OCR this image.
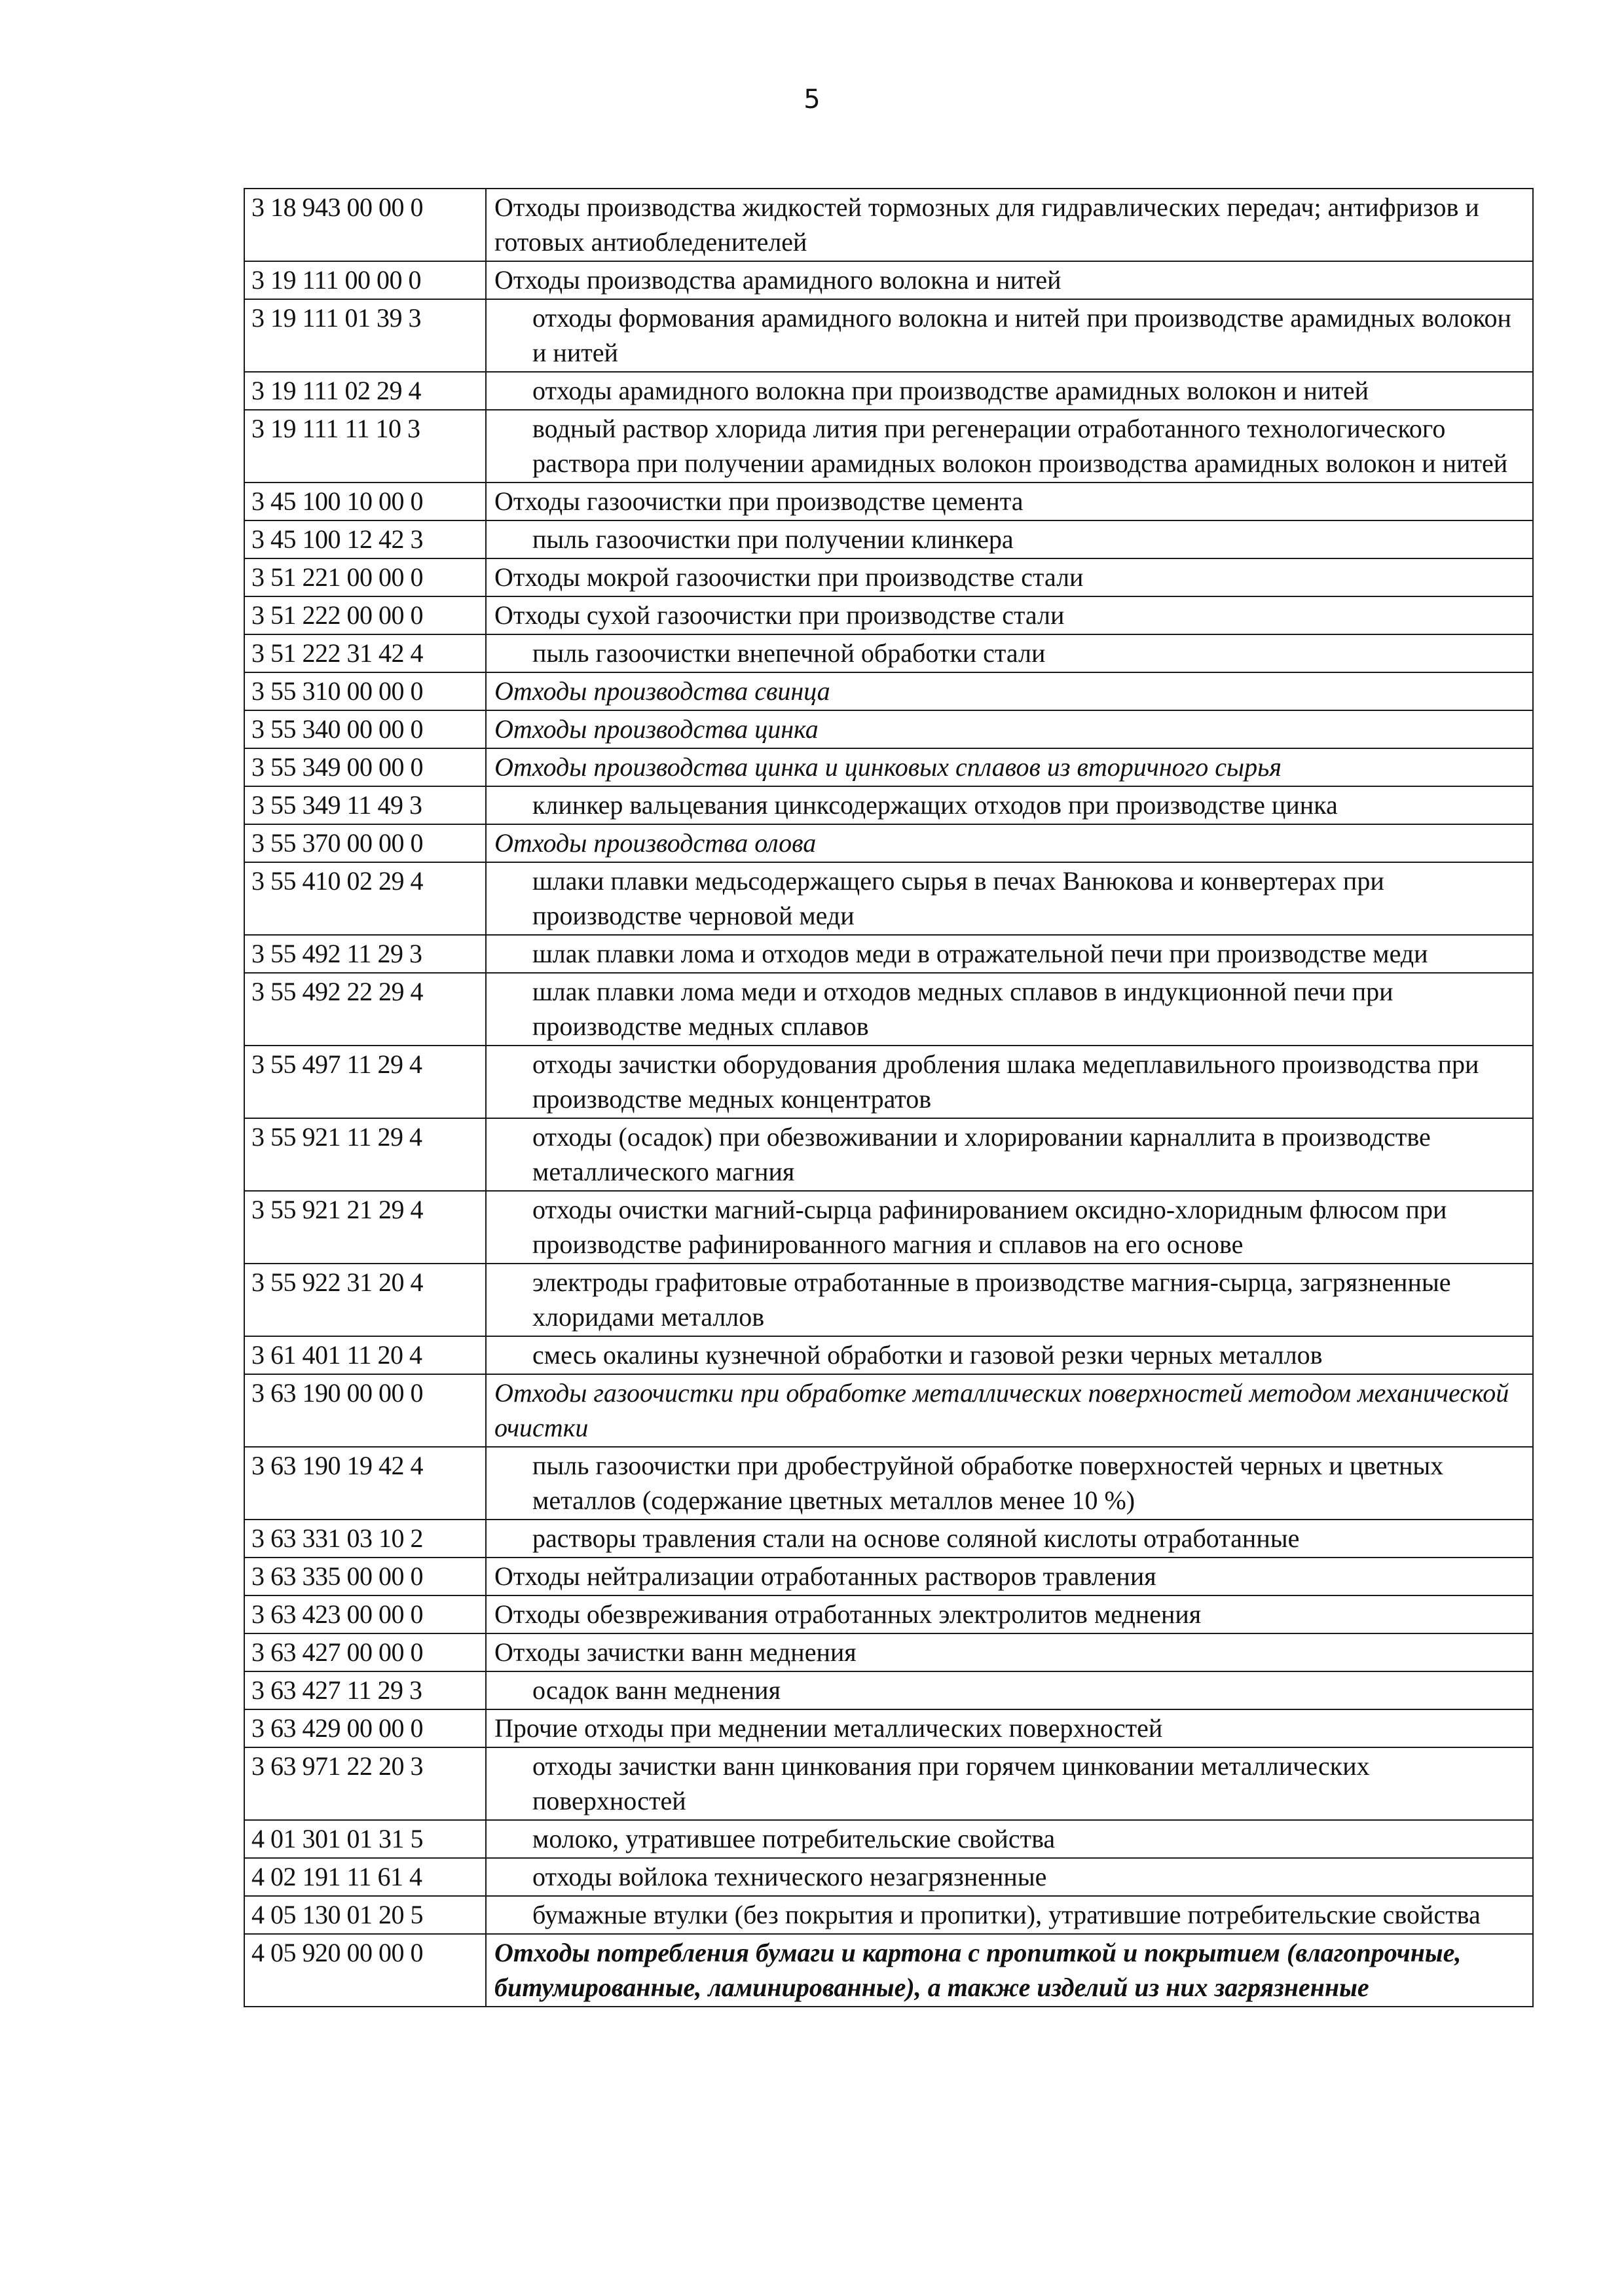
5
3 18 943 00 00 0	Отходы производства жидкостей тормозных для гидравлических передач; антифризов и готовых антиобледенителей
3 19 111 00 00 0	Отходы производства арамидного волокна и нитей
3 19 111 01 39 3	отходы формования арамидного волокна и нитей при производстве арамидных волокон и нитей
3 19 111 02 29 4	отходы арамидного волокна при производстве арамидных волокон и нитей
3 19 111 11 10 3	водный раствор хлорида лития при регенерации отработанного технологического раствора при получении арамидных волокон производства арамидных волокон и нитей
3 45 100 10 00 0	Отходы газоочистки при производстве цемента
3 45 100 12 42 3	пыль газоочистки при получении клинкера
3 51 221 00 00 0	Отходы мокрой газоочистки при производстве стали
3 51 222 00 00 0	Отходы сухой газоочистки при производстве стали
3 51 222 31 42 4	пыль газоочистки внепечной обработки стали
3 55 310 00 00 0	Отходы производства свинца
3 55 340 00 00 0	Отходы производства цинка
3 55 349 00 00 0	Отходы производства цинка и цинковых сплавов из вторичного сырья
3 55 349 11 49 3	клинкер вальцевания цинксодержащих отходов при производстве цинка
3 55 370 00 00 0	Отходы производства олова
3 55 410 02 29 4	шлаки плавки медьсодержащего сырья в печах Ванюкова и конвертерах при производстве черновой меди
3 55 492 11 29 3	шлак плавки лома и отходов меди в отражательной печи при производстве меди
3 55 492 22 29 4	шлак плавки лома меди и отходов медных сплавов в индукционной печи при производстве медных сплавов
3 55 497 11 29 4	отходы зачистки оборудования дробления шлака медеплавильного производства при производстве медных концентратов
3 55 921 11 29 4	отходы (осадок) при обезвоживании и хлорировании карналлита в производстве металлического магния
3 55 921 21 29 4	отходы очистки магний-сырца рафинированием оксидно-хлоридным флюсом при производстве рафинированного магния и сплавов на его основе
3 55 922 31 20 4	электроды графитовые отработанные в производстве магния-сырца, загрязненные хлоридами металлов
3 61 401 11 20 4	смесь окалины кузнечной обработки и газовой резки черных металлов
3 63 190 00 00 0	Отходы газоочистки при обработке металлических поверхностей методом механической очистки
3 63 190 19 42 4	пыль газоочистки при дробеструйной обработке поверхностей черных и цветных металлов (содержание цветных металлов менее 10 %)
3 63 331 03 10 2	растворы травления стали на основе соляной кислоты отработанные
3 63 335 00 00 0	Отходы нейтрализации отработанных растворов травления
3 63 423 00 00 0	Отходы обезвреживания отработанных электролитов меднения
3 63 427 00 00 0	Отходы зачистки ванн меднения
3 63 427 11 29 3	осадок ванн меднения
3 63 429 00 00 0	Прочие отходы при меднении металлических поверхностей
3 63 971 22 20 3	отходы зачистки ванн цинкования при горячем цинковании металлических поверхностей
4 01 301 01 31 5	молоко, утратившее потребительские свойства
4 02 191 11 61 4	отходы войлока технического незагрязненные
4 05 130 01 20 5	бумажные втулки (без покрытия и пропитки), утратившие потребительские свойства
4 05 920 00 00 0	Отходы потребления бумаги и картона с пропиткой и покрытием (влагопрочные, битумированные, ламинированные), а также изделий из них загрязненные
